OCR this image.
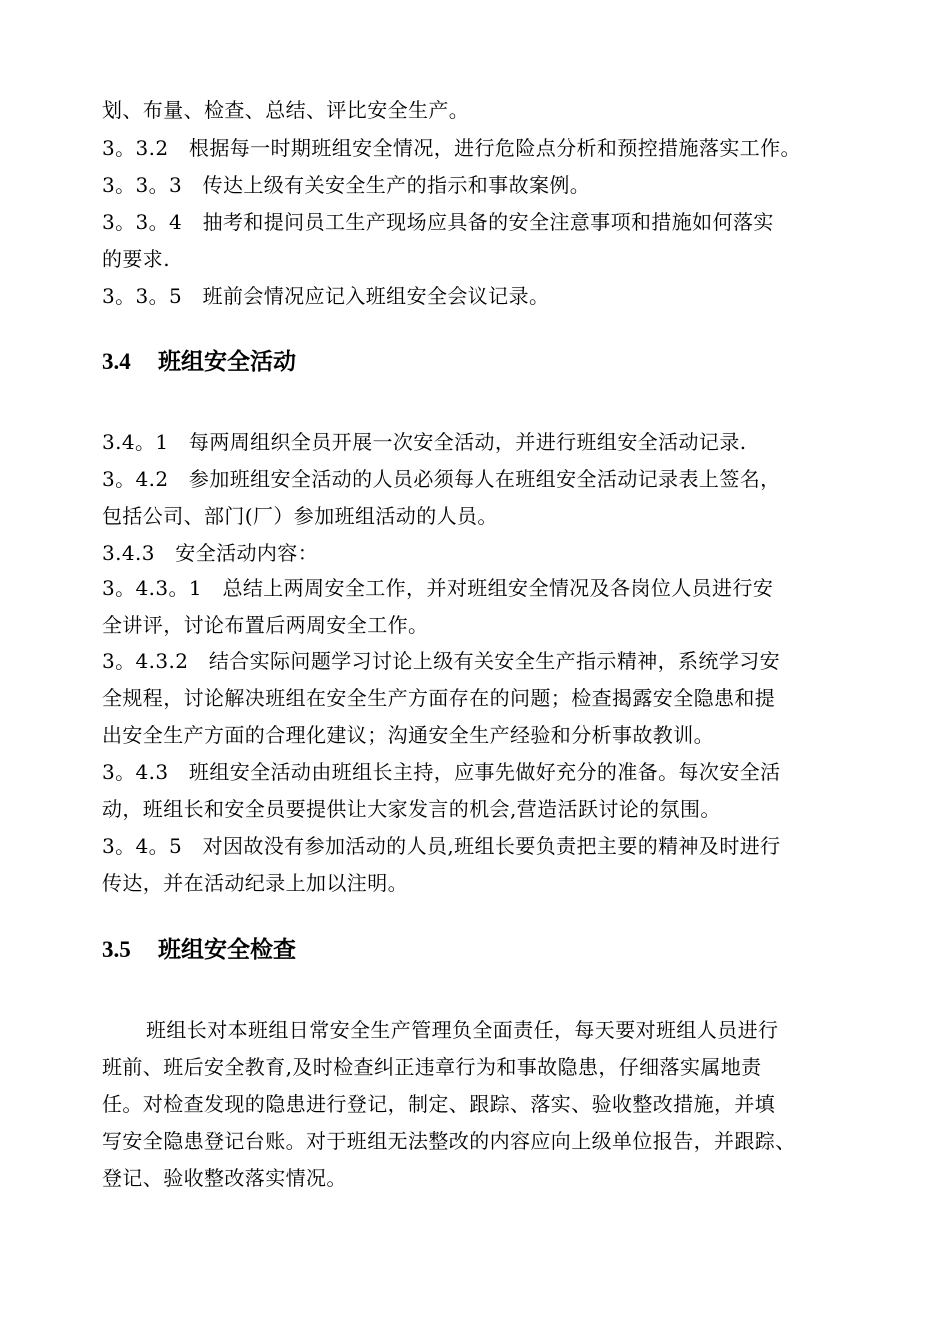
划、布量、检查、总结、评比安全生产。
3。3.2　根据每一时期班组安全情况，进行危险点分析和预控措施落实工作。
3。3。3　传达上级有关安全生产的指示和事故案例。
3。3。4　抽考和提问员工生产现场应具备的安全注意事项和措施如何落实
的要求.
3。3。5　班前会情况应记入班组安全会议记录。
3.4 班组安全活动
3.4。1　每两周组织全员开展一次安全活动，并进行班组安全活动记录.
3。4.2　参加班组安全活动的人员必须每人在班组安全活动记录表上签名，
包括公司、部门(厂）参加班组活动的人员。
3.4.3　安全活动内容：
3。4.3。1　总结上两周安全工作，并对班组安全情况及各岗位人员进行安
全讲评，讨论布置后两周安全工作。
3。4.3.2　结合实际问题学习讨论上级有关安全生产指示精神，系统学习安
全规程，讨论解决班组在安全生产方面存在的问题；检查揭露安全隐患和提
出安全生产方面的合理化建议；沟通安全生产经验和分析事故教训。
3。4.3　班组安全活动由班组长主持，应事先做好充分的准备。每次安全活
动，班组长和安全员要提供让大家发言的机会,营造活跃讨论的氛围。
3。4。5　对因故没有参加活动的人员,班组长要负责把主要的精神及时进行
传达，并在活动纪录上加以注明。
3.5 班组安全检查
班组长对本班组日常安全生产管理负全面责任，每天要对班组人员进行
班前、班后安全教育,及时检查纠正违章行为和事故隐患，仔细落实属地责
任。对检查发现的隐患进行登记，制定、跟踪、落实、验收整改措施，并填
写安全隐患登记台账。对于班组无法整改的内容应向上级单位报告，并跟踪、
登记、验收整改落实情况。
